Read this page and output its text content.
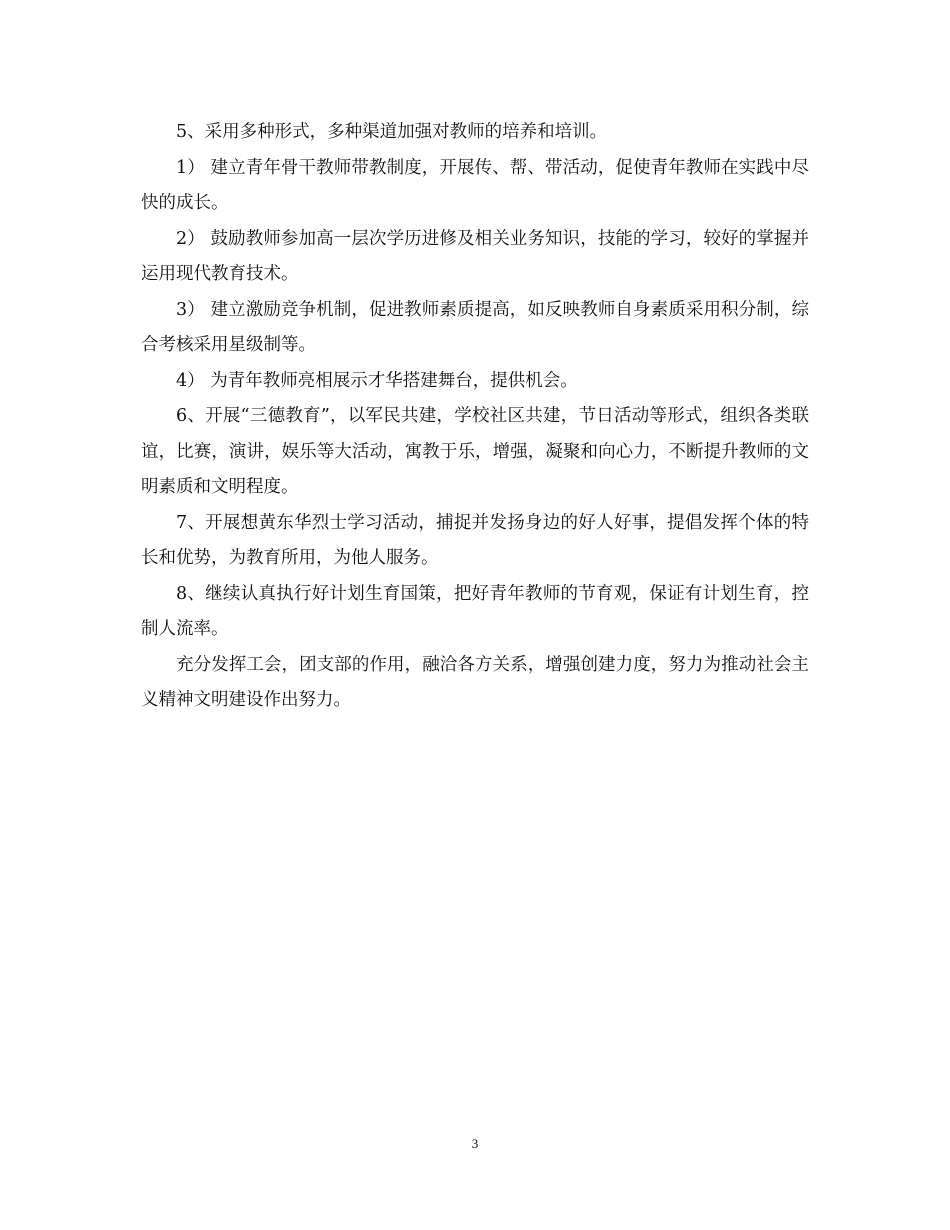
5、采用多种形式，多种渠道加强对教师的培养和培训。

1） 建立青年骨干教师带教制度，开展传、帮、带活动，促使青年教师在实践中尽快的成长。

2） 鼓励教师参加高一层次学历进修及相关业务知识，技能的学习，较好的掌握并运用现代教育技术。

3） 建立激励竞争机制，促进教师素质提高，如反映教师自身素质采用积分制，综合考核采用星级制等。

4） 为青年教师亮相展示才华搭建舞台，提供机会。

6、开展“三德教育”，以军民共建，学校社区共建，节日活动等形式，组织各类联谊，比赛，演讲，娱乐等大活动，寓教于乐，增强，凝聚和向心力，不断提升教师的文明素质和文明程度。

7、开展想黄东华烈士学习活动，捕捉并发扬身边的好人好事，提倡发挥个体的特长和优势，为教育所用，为他人服务。

8、继续认真执行好计划生育国策，把好青年教师的节育观，保证有计划生育，控制人流率。

充分发挥工会，团支部的作用，融洽各方关系，增强创建力度，努力为推动社会主义精神文明建设作出努力。

3
